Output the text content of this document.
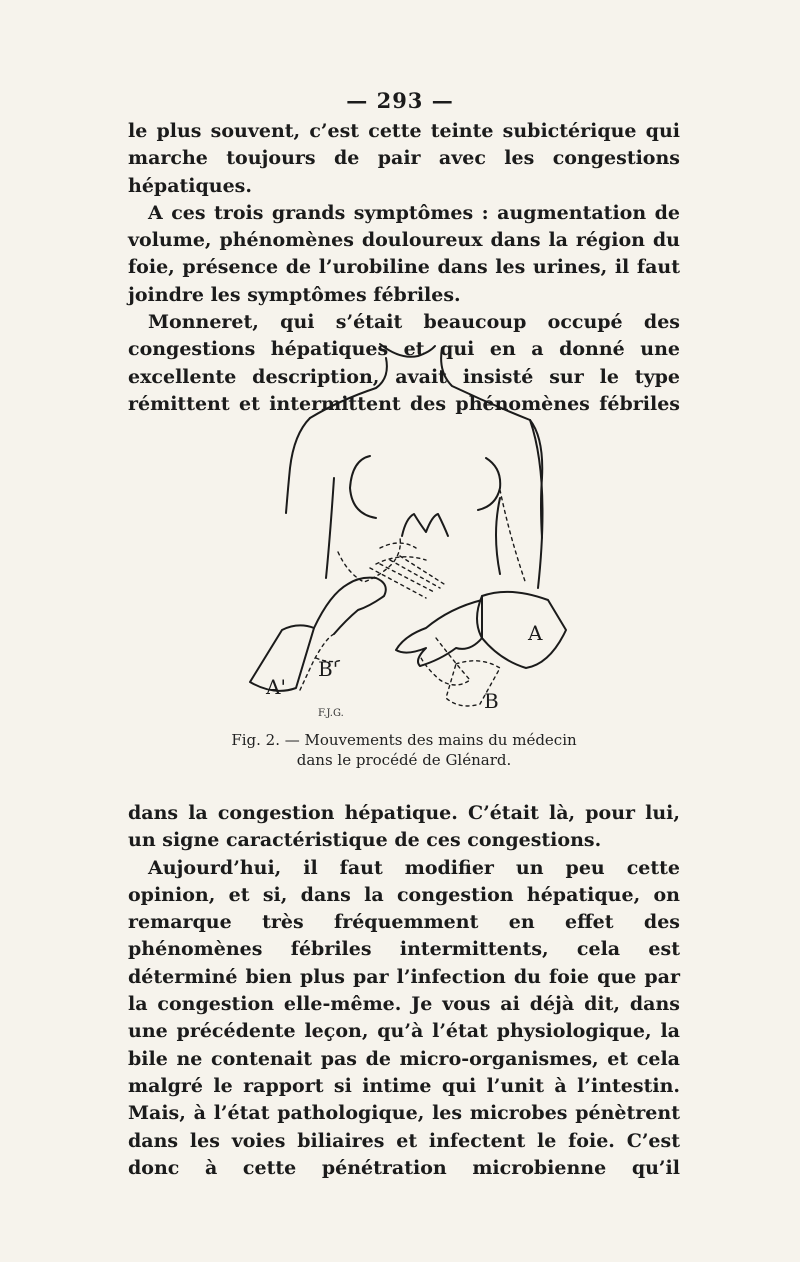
— 293 —

le plus souvent, c’est cette teinte subictérique qui marche toujours de pair avec les congestions hépatiques.

A ces trois grands symptômes : augmentation de volume, phénomènes douloureux dans la région du foie, présence de l’urobiline dans les urines, il faut joindre les symptômes fébriles.

Monneret, qui s’était beaucoup occupé des congestions hépatiques et qui en a donné une excellente description, avait insisté sur le type rémittent et intermittent des phénomènes fébriles

A
A'
B
B'
F.J.G.
Fig. 2. — Mouvements des mains du médecin
dans le procédé de Glénard.

dans la congestion hépatique. C’était là, pour lui, un signe caractéristique de ces congestions.

Aujourd’hui, il faut modifier un peu cette opinion, et si, dans la congestion hépatique, on remarque très fréquemment en effet des phénomènes fébriles intermittents, cela est déterminé bien plus par l’infection du foie que par la congestion elle-même. Je vous ai déjà dit, dans une précédente leçon, qu’à l’état physiologique, la bile ne contenait pas de micro-organismes, et cela malgré le rapport si intime qui l’unit à l’intestin. Mais, à l’état pathologique, les microbes pénètrent dans les voies biliaires et infectent le foie. C’est donc à cette pénétration microbienne qu’il
